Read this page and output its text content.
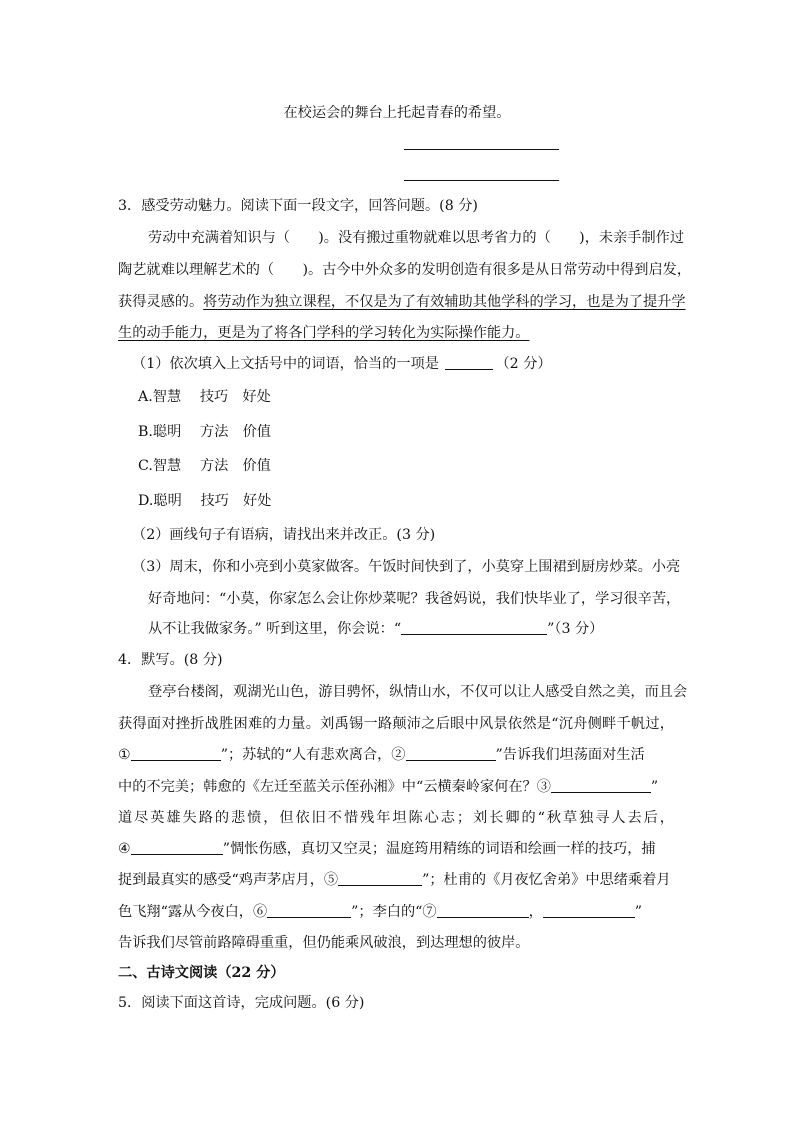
在校运会的舞台上托起青春的希望。
3．感受劳动魅力。阅读下面一段文字，回答问题。(8 分)
劳动中充满着知识与（　　)。没有搬过重物就难以思考省力的（　　)，未亲手制作过
陶艺就难以理解艺术的（　　)。古今中外众多的发明创造有很多是从日常劳动中得到启发，
获得灵感的。将劳动作为独立课程，不仅是为了有效辅助其他学科的学习，也是为了提升学
生的动手能力，更是为了将各门学科的学习转化为实际操作能力。
（1）依次填入上文括号中的词语，恰当的一项是	（2 分）
A.智慧　 技巧　好处
B.聪明　 方法　价值
C.智慧　 方法　价值
D.聪明　 技巧　好处
（2）画线句子有语病，请找出来并改正。(3 分)
（3）周末，你和小亮到小莫家做客。午饭时间快到了，小莫穿上围裙到厨房炒菜。小亮
好奇地问：“小莫，你家怎么会让你炒菜呢？我爸妈说，我们快毕业了，学习很辛苦，
从不让我做家务。” 听到这里，你会说：“	”（3 分）
4．默写。(8 分)
登亭台楼阁，观湖光山色，游目骋怀，纵情山水，不仅可以让人感受自然之美，而且会
获得面对挫折战胜困难的力量。刘禹锡一路颠沛之后眼中风景依然是“沉舟侧畔千帆过，
①	”；苏轼的“人有悲欢离合，②	”告诉我们坦荡面对生活
中的不完美；韩愈的《左迁至蓝关示侄孙湘》中“云横秦岭家何在？③	”
道尽英雄失路的悲愤，但依旧不惜残年坦陈心志；刘长卿的“秋草独寻人去后，
④	”惆怅伤感，真切又空灵；温庭筠用精练的词语和绘画一样的技巧，捕
捉到最真实的感受“鸡声茅店月，⑤	”；杜甫的《月夜忆舍弟》中思绪乘着月
色飞翔“露从今夜白，⑥	”；李白的“⑦	，	”
告诉我们尽管前路障碍重重，但仍能乘风破浪，到达理想的彼岸。
二、古诗文阅读（22 分）
5．阅读下面这首诗，完成问题。(6 分)
